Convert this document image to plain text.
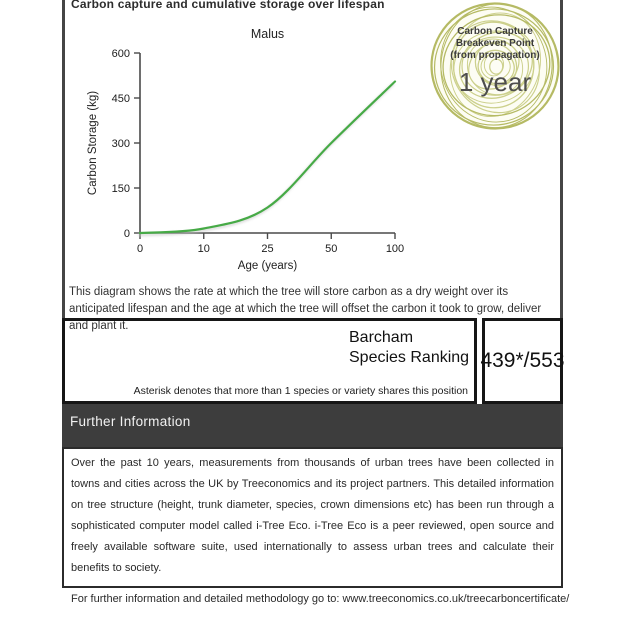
Carbon capture and cumulative storage over lifespan
Malus
Age (years)
Carbon Storage (kg)
0
150
300
450
600
0	10	25	50	100
Carbon Capture
Breakeven Point
(from propagation)
1 year
This diagram shows the rate at which the tree will store carbon as a dry weight over its anticipated lifespan and the age at which the tree will offset the carbon it took to grow, deliver and plant it.
Barcham
Species Ranking
Asterisk denotes that more than 1 species or variety shares this position
439*/553
Further Information
Over the past 10 years, measurements from thousands of urban trees have been collected in towns and cities across the UK by Treeconomics and its project partners. This detailed information on tree structure (height, trunk diameter, species, crown dimensions etc) has been run through a sophisticated computer model called i-Tree Eco. i-Tree Eco is a peer reviewed, open source and freely available software suite, used internationally to assess urban trees and calculate their benefits to society.
For further information and detailed methodology go to: www.treeconomics.co.uk/treecarboncertificate/
